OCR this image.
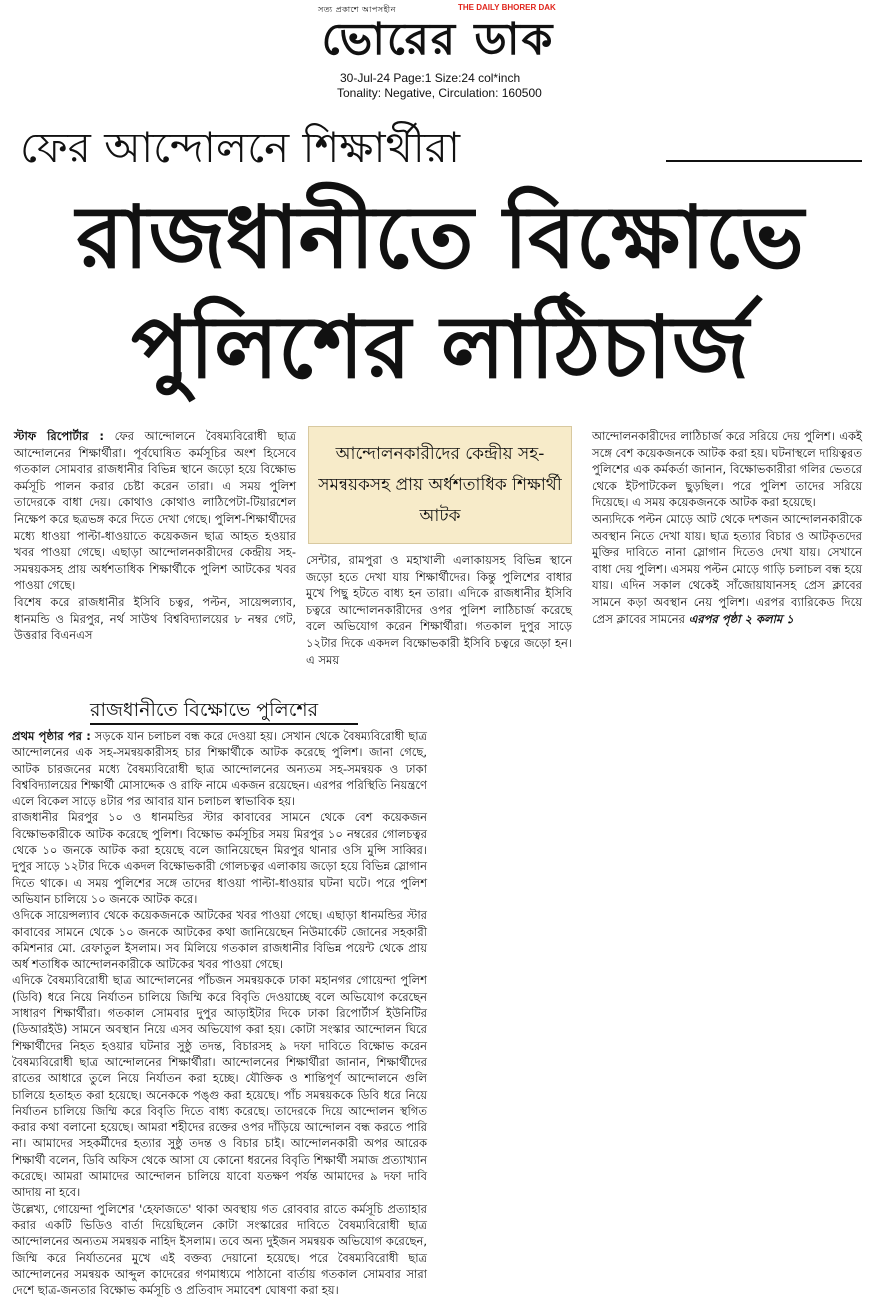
সত্য প্রকাশে আপসহীন	THE DAILY BHORER DAK
ভোরের ডাক
30-Jul-24 Page:1 Size:24 col*inch
Tonality: Negative, Circulation: 160500
ফের আন্দোলনে শিক্ষার্থীরা
রাজধানীতে বিক্ষোভে
পুলিশের লাঠিচার্জ

স্টাফ রিপোর্টার : ফের আন্দোলনে বৈষম্যবিরোধী ছাত্র আন্দোলনের শিক্ষার্থীরা। পূর্বঘোষিত কর্মসূচির অংশ হিসেবে গতকাল সোমবার রাজধানীর বিভিন্ন স্থানে জড়ো হয়ে বিক্ষোভ কর্মসূচি পালন করার চেষ্টা করেন তারা। এ সময় পুলিশ তাদেরকে বাধা দেয়। কোথাও কোথাও লাঠিপেটা-টিয়ারশেল নিক্ষেপ করে ছত্রভঙ্গ করে দিতে দেখা গেছে। পুলিশ-শিক্ষার্থীদের মধ্যে ধাওয়া পাল্টা-ধাওয়াতে কয়েকজন ছাত্র আহত হওয়ার খবর পাওয়া গেছে। এছাড়া আন্দোলনকারীদের কেন্দ্রীয় সহ-সমন্বয়কসহ প্রায় অর্ধশতাধিক শিক্ষার্থীকে পুলিশ আটকের খবর পাওয়া গেছে।

বিশেষ করে রাজধানীর ইসিবি চত্বর, পল্টন, সায়েন্সল্যাব, ধানমন্ডি ও মিরপুর, নর্থ সাউথ বিশ্ববিদ্যালয়ের ৮ নম্বর গেট, উত্তরার বিএনএস

আন্দোলনকারীদের কেন্দ্রীয় সহ-সমন্বয়কসহ প্রায় অর্ধশতাধিক শিক্ষার্থী আটক

সেন্টার, রামপুরা ও মহাখালী এলাকায়সহ বিভিন্ন স্থানে জড়ো হতে দেখা যায় শিক্ষার্থীদের। কিন্তু পুলিশের বাধার মুখে পিছু হটতে বাধ্য হন তারা। এদিকে রাজধানীর ইসিবি চত্বরে আন্দোলনকারীদের ওপর পুলিশ লাঠিচার্জ করেছে বলে অভিযোগ করেন শিক্ষার্থীরা। গতকাল দুপুর সাড়ে ১২টার দিকে একদল বিক্ষোভকারী ইসিবি চত্বরে জড়ো হন। এ সময়

আন্দোলনকারীদের লাঠিচার্জ করে সরিয়ে দেয় পুলিশ। একই সঙ্গে বেশ কয়েকজনকে আটক করা হয়। ঘটনাস্থলে দায়িত্বরত পুলিশের এক কর্মকর্তা জানান, বিক্ষোভকারীরা গলির ভেতরে থেকে ইটপাটকেল ছুড়ছিল। পরে পুলিশ তাদের সরিয়ে দিয়েছে। এ সময় কয়েকজনকে আটক করা হয়েছে।

অন্যদিকে পল্টন মোড়ে আট থেকে দশজন আন্দোলনকারীকে অবস্থান নিতে দেখা যায়। ছাত্র হত্যার বিচার ও আটকৃতদের মুক্তির দাবিতে নানা স্লোগান দিতেও দেখা যায়। সেখানে বাধা দেয় পুলিশ। এসময় পল্টন মোড়ে গাড়ি চলাচল বন্ধ হয়ে যায়। এদিন সকাল থেকেই সাঁজোয়াযানসহ প্রেস ক্লাবের সামনে কড়া অবস্থান নেয় পুলিশ। এরপর ব্যারিকেড দিয়ে প্রেস ক্লাবের সামনের এরপর পৃষ্ঠা ২ কলাম ১

রাজধানীতে বিক্ষোভে পুলিশের

প্রথম পৃষ্ঠার পর : সড়কে যান চলাচল বন্ধ করে দেওয়া হয়। সেখান থেকে বৈষম্যবিরোধী ছাত্র আন্দোলনের এক সহ-সমন্বয়কারীসহ চার শিক্ষার্থীকে আটক করেছে পুলিশ। জানা গেছে, আটক চারজনের মধ্যে বৈষম্যবিরোধী ছাত্র আন্দোলনের অন্যতম সহ-সমন্বয়ক ও ঢাকা বিশ্ববিদ্যালয়ের শিক্ষার্থী মোসাদ্দেক ও রাফি নামে একজন রয়েছেন। এরপর পরিস্থিতি নিয়ন্ত্রণে এলে বিকেল সাড়ে ৪টার পর আবার যান চলাচল স্বাভাবিক হয়।

রাজধানীর মিরপুর ১০ ও ধানমন্ডির স্টার কাবাবের সামনে থেকে বেশ কয়েকজন বিক্ষোভকারীকে আটক করেছে পুলিশ। বিক্ষোভ কর্মসূচির সময় মিরপুর ১০ নম্বরের গোলচত্বর থেকে ১০ জনকে আটক করা হয়েছে বলে জানিয়েছেন মিরপুর থানার ওসি মুন্সি সাব্বির। দুপুর সাড়ে ১২টার দিকে একদল বিক্ষোভকারী গোলচত্বর এলাকায় জড়ো হয়ে বিভিন্ন স্লোগান দিতে থাকে। এ সময় পুলিশের সঙ্গে তাদের ধাওয়া পাল্টা-ধাওয়ার ঘটনা ঘটে। পরে পুলিশ অভিযান চালিয়ে ১০ জনকে আটক করে।

ওদিকে সায়েন্সল্যাব থেকে কয়েকজনকে আটকের খবর পাওয়া গেছে। এছাড়া ধানমন্ডির স্টার কাবাবের সামনে থেকে ১০ জনকে আটকের কথা জানিয়েছেন নিউমার্কেট জোনের সহকারী কমিশনার মো. রেফাতুল ইসলাম। সব মিলিয়ে গতকাল রাজধানীর বিভিন্ন পয়েন্ট থেকে প্রায় অর্ধ শতাধিক আন্দোলনকারীকে আটকের খবর পাওয়া গেছে।

এদিকে বৈষম্যবিরোধী ছাত্র আন্দোলনের পাঁচজন সমন্বয়ককে ঢাকা মহানগর গোয়েন্দা পুলিশ (ডিবি) ধরে নিয়ে নির্যাতন চালিয়ে জিম্মি করে বিবৃতি দেওয়াচ্ছে বলে অভিযোগ করেছেন সাধারণ শিক্ষার্থীরা। গতকাল সোমবার দুপুর আড়াইটার দিকে ঢাকা রিপোর্টার্স ইউনিটির (ডিআরইউ) সামনে অবস্থান নিয়ে এসব অভিযোগ করা হয়। কোটা সংস্কার আন্দোলন ঘিরে শিক্ষার্থীদের নিহত হওয়ার ঘটনার সুষ্ঠু তদন্ত, বিচারসহ ৯ দফা দাবিতে বিক্ষোভ করেন বৈষম্যবিরোধী ছাত্র আন্দোলনের শিক্ষার্থীরা। আন্দোলনের শিক্ষার্থীরা জানান, শিক্ষার্থীদের রাতের আধারে তুলে নিয়ে নির্যাতন করা হচ্ছে। যৌক্তিক ও শান্তিপূর্ণ আন্দোলনে গুলি চালিয়ে হতাহত করা হয়েছে। অনেককে পঙ্গু করা হয়েছে। পাঁচ সমন্বয়ককে ডিবি ধরে নিয়ে নির্যাতন চালিয়ে জিম্মি করে বিবৃতি দিতে বাধ্য করেছে। তাদেরকে দিয়ে আন্দোলন স্থগিত করার কথা বলানো হয়েছে। আমরা শহীদের রক্তের ওপর দাঁড়িয়ে আন্দোলন বন্ধ করতে পারি না। আমাদের সহকর্মীদের হত্যার সুষ্ঠু তদন্ত ও বিচার চাই। আন্দোলনকারী অপর আরেক শিক্ষার্থী বলেন, ডিবি অফিস থেকে আসা যে কোনো ধরনের বিবৃতি শিক্ষার্থী সমাজ প্রত্যাখ্যান করেছে। আমরা আমাদের আন্দোলন চালিয়ে যাবো যতক্ষণ পর্যন্ত আমাদের ৯ দফা দাবি আদায় না হবে।

উল্লেখ্য, গোয়েন্দা পুলিশের 'হেফাজতে' থাকা অবস্থায় গত রোববার রাতে কর্মসূচি প্রত্যাহার করার একটি ভিডিও বার্তা দিয়েছিলেন কোটা সংস্কারের দাবিতে বৈষম্যবিরোধী ছাত্র আন্দোলনের অন্যতম সমন্বয়ক নাহিদ ইসলাম। তবে অন্য দুইজন সমন্বয়ক অভিযোগ করেছেন, জিম্মি করে নির্যাতনের মুখে এই বক্তব্য দেয়ানো হয়েছে। পরে বৈষম্যবিরোধী ছাত্র আন্দোলনের সমন্বয়ক আব্দুল কাদেরের গণমাধ্যমে পাঠানো বার্তায় গতকাল সোমবার সারা দেশে ছাত্র-জনতার বিক্ষোভ কর্মসূচি ও প্রতিবাদ সমাবেশ ঘোষণা করা হয়।
